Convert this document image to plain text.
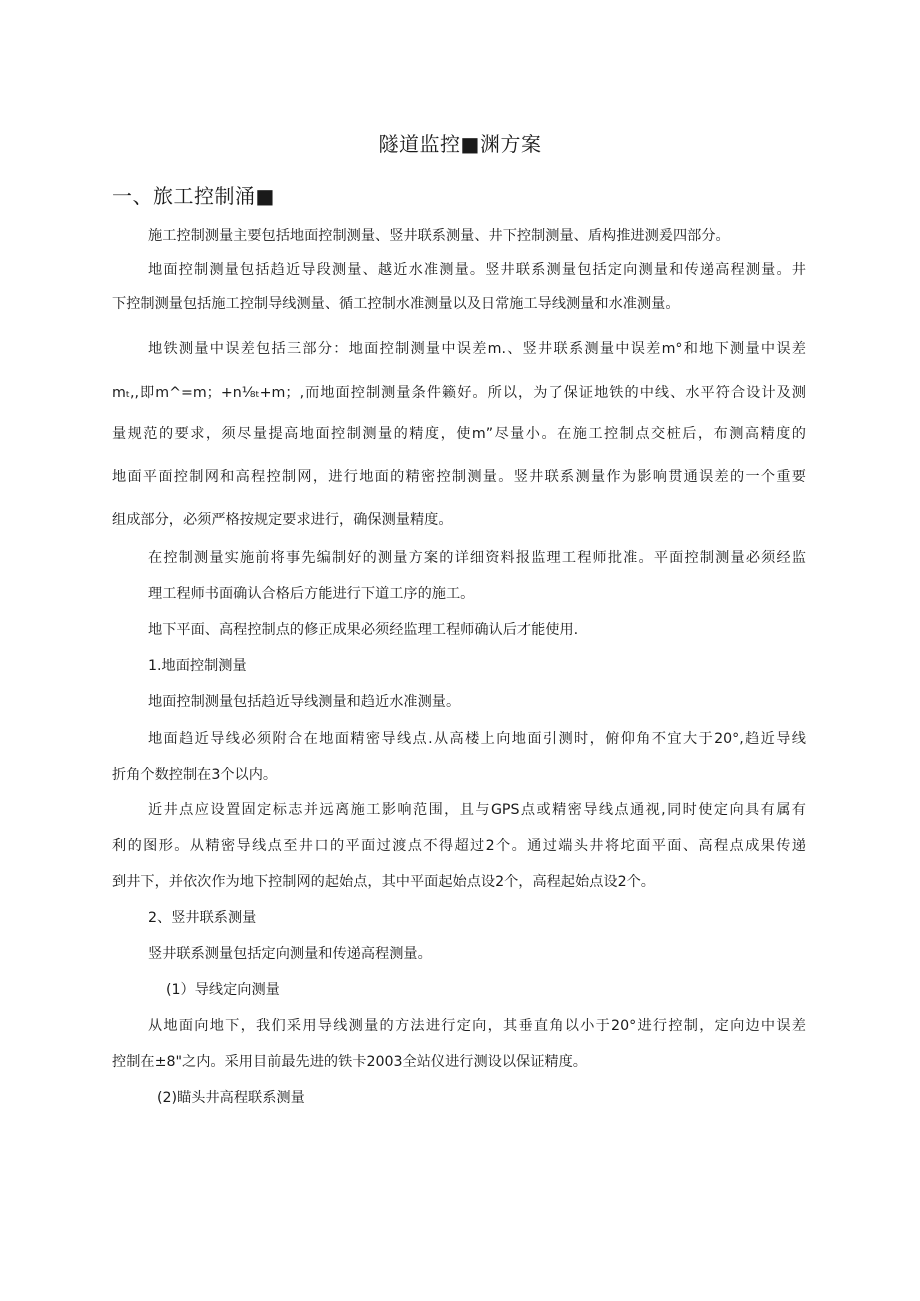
隧道监控■渊方案
一、旅工控制涌■
施工控制测量主要包括地面控制测量、竖井联系测量、井下控制测量、盾构推进测爰四部分。
地面控制测量包括趋近导段测量、越近水准测量。竖井联系测量包括定向测量和传递高程测量。井
下控制测量包括施工控制导线测量、循工控制水准测量以及日常施工导线测量和水准测量。
地铁测量中误差包括三部分：地面控制测量中误差m.、竖井联系测量中误差m°和地下测量中误差
mₜ,,即m^=m；+n⅛ₜ+m；,而地面控制测量条件籁好。所以，为了保证地铁的中线、水平符合设计及测
量规范的要求，须尽量提高地面控制测量的精度，使m”尽量小。在施工控制点交桩后，布测高精度的
地面平面控制网和高程控制网，进行地面的精密控制测量。竖井联系测量作为影响贯通误差的一个重要
组成部分，必须严格按规定要求进行，确保测量精度。
在控制测量实施前将事先编制好的测量方案的详细资料报监理工程师批准。平面控制测量必须经监
理工程师书面确认合格后方能进行下道工序的施工。
地下平面、高程控制点的修正成果必须经监理工程师确认后才能使用.
1.地面控制测量
地面控制测量包括趋近导线测量和趋近水准测量。
地面趋近导线必须附合在地面精密导线点.从高楼上向地面引测时，俯仰角不宜大于20°,趋近导线
折角个数控制在3个以内。
近井点应设置固定标志并远离施工影响范围，且与GPS点或精密导线点通视,同时使定向具有属有
利的图形。从精密导线点至井口的平面过渡点不得超过2个。通过端头井将坨面平面、高程点成果传递
到井下，并依次作为地下控制网的起始点，其中平面起始点设2个，高程起始点设2个。
2、竖井联系测量
竖井联系测量包括定向测量和传递高程测量。
(1）导线定向测量
从地面向地下，我们采用导线测量的方法进行定向，其垂直角以小于20°进行控制，定向边中误差
控制在±8"之内。采用目前最先进的铁卡2003全站仪进行测设以保证精度。
(2)瞄头井高程联系测量
